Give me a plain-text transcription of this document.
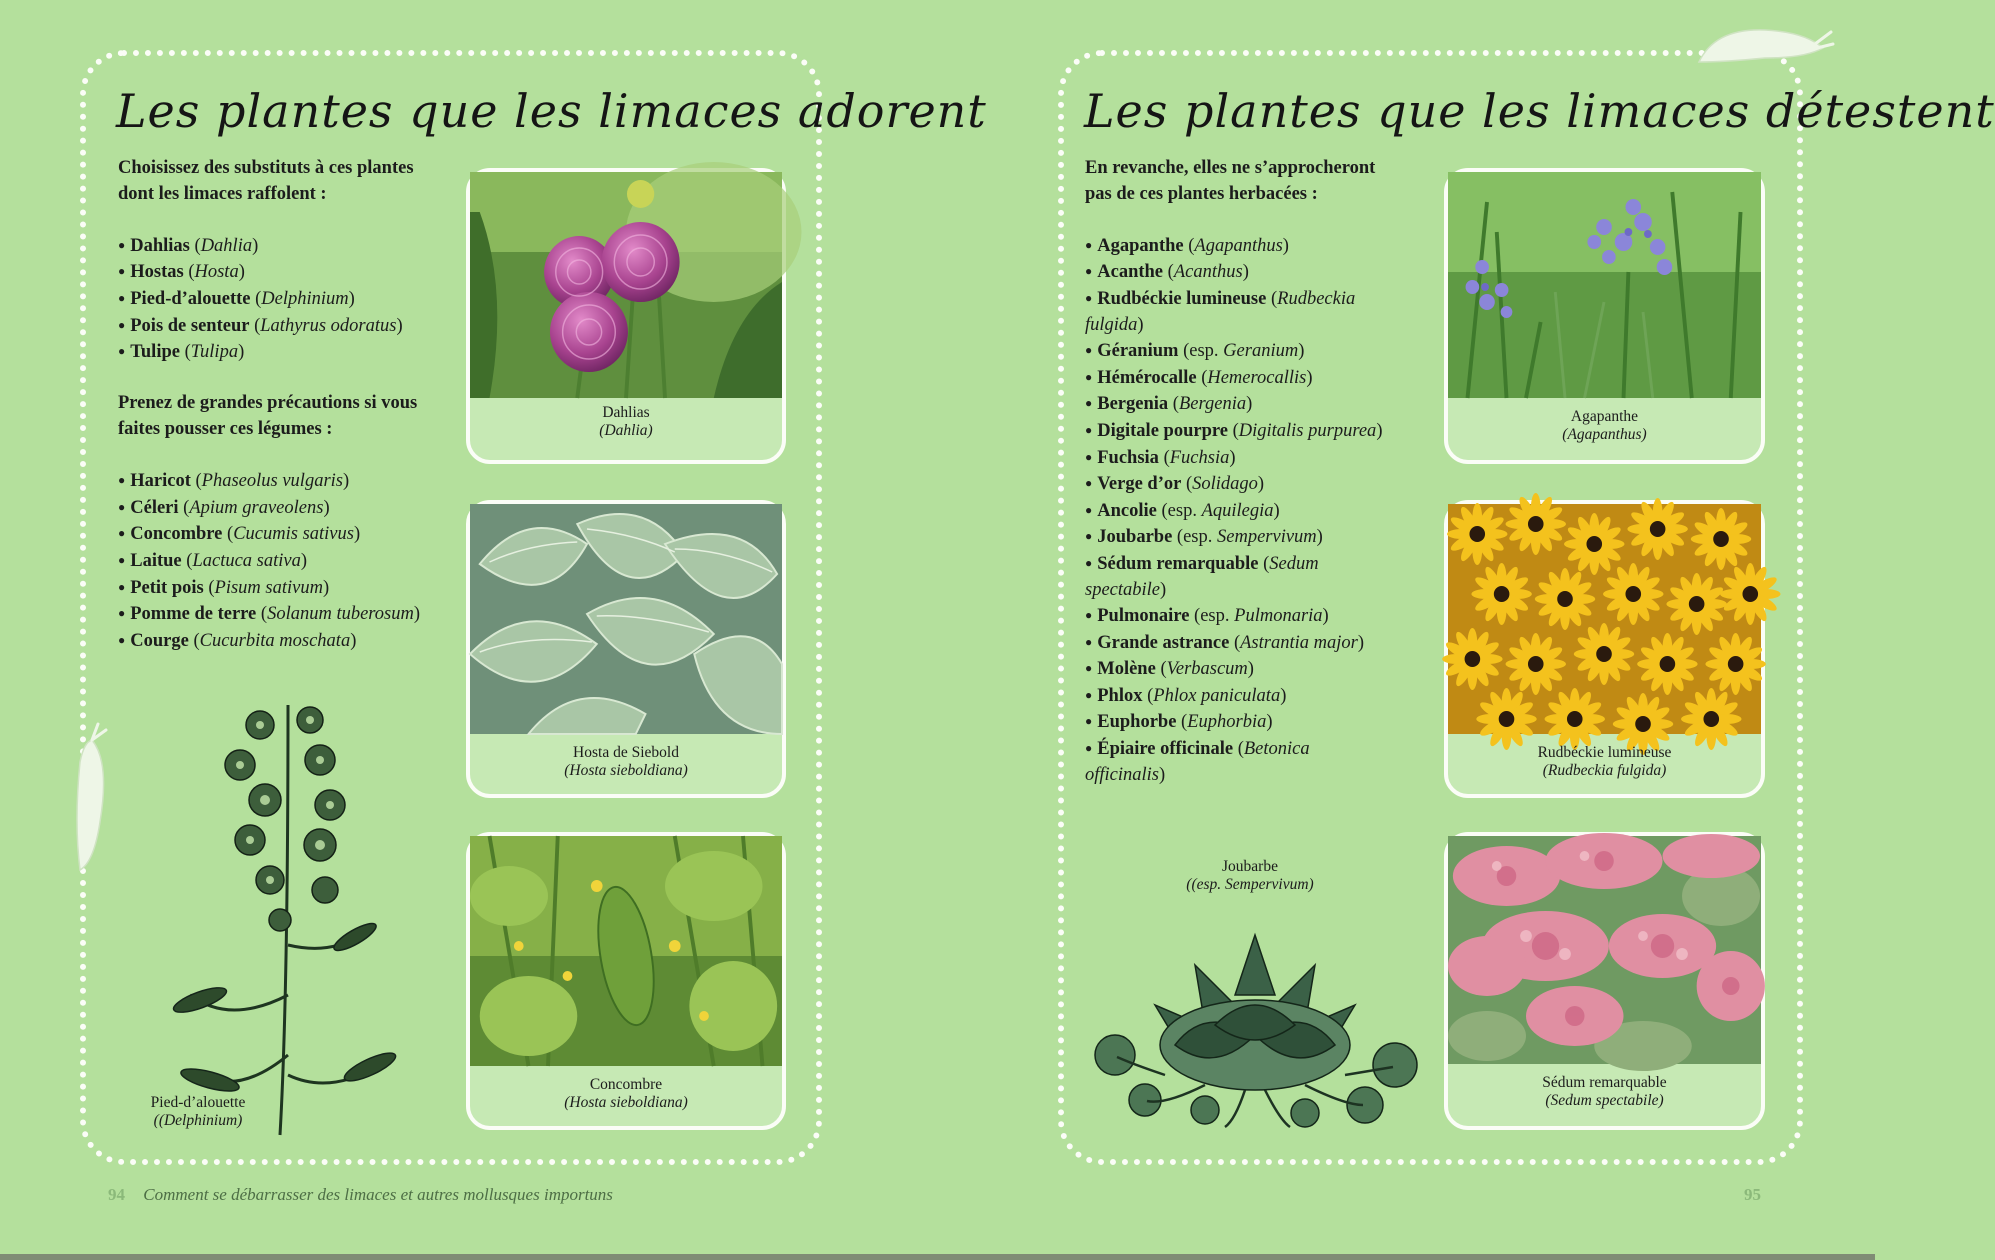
Les plantes que les limaces adorent

Choisissez des substituts à ces plantes dont les limaces raffolent :

● Dahlias (Dahlia)
● Hostas (Hosta)
● Pied-d’alouette (Delphinium)
● Pois de senteur (Lathyrus odoratus)
● Tulipe (Tulipa)

Prenez de grandes précautions si vous faites pousser ces légumes :

● Haricot (Phaseolus vulgaris)
● Céleri (Apium graveolens)
● Concombre (Cucumis sativus)
● Laitue (Lactuca sativa)
● Petit pois (Pisum sativum)
● Pomme de terre (Solanum tuberosum)
● Courge (Cucurbita moschata)
Dahlias
(Dahlia)
Hosta de Siebold
(Hosta sieboldiana)
Concombre
(Hosta sieboldiana)
Pied-d’alouette
((Delphinium)
94 Comment se débarrasser des limaces et autres mollusques importuns
Les plantes que les limaces détestent

En revanche, elles ne s’approcheront pas de ces plantes herbacées :

● Agapanthe (Agapanthus)
● Acanthe (Acanthus)
● Rudbéckie lumineuse (Rudbeckia fulgida)
● Géranium (esp. Geranium)
● Hémérocalle (Hemerocallis)
● Bergenia (Bergenia)
● Digitale pourpre (Digitalis purpurea)
● Fuchsia (Fuchsia)
● Verge d’or (Solidago)
● Ancolie (esp. Aquilegia)
● Joubarbe (esp. Sempervivum)
● Sédum remarquable (Sedum spectabile)
● Pulmonaire (esp. Pulmonaria)
● Grande astrance (Astrantia major)
● Molène (Verbascum)
● Phlox (Phlox paniculata)
● Euphorbe (Euphorbia)
● Épiaire officinale (Betonica officinalis)
Agapanthe
(Agapanthus)
Rudbéckie lumineuse
(Rudbeckia fulgida)
Sédum remarquable
(Sedum spectabile)
Joubarbe
((esp. Sempervivum)
95
